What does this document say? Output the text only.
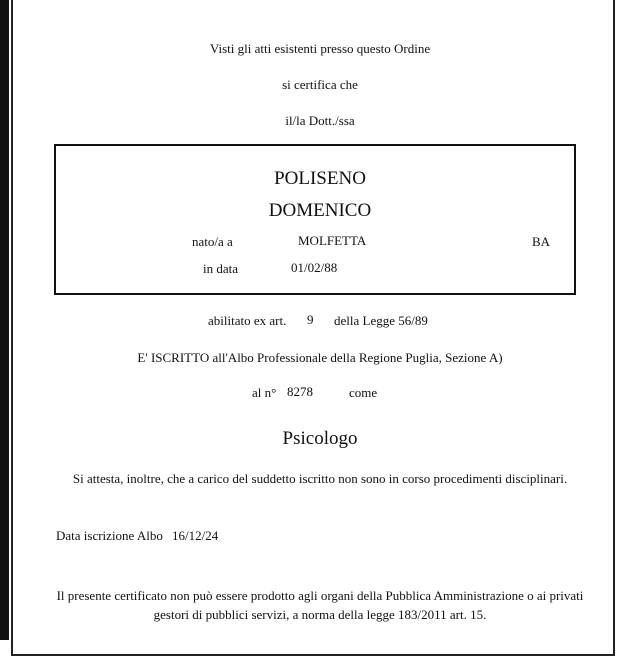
Visti gli atti esistenti presso questo Ordine
si certifica che
il/la Dott./ssa
POLISENO
DOMENICO
nato/a a	MOLFETTA	BA
in data	01/02/88
abilitato ex art. 9 della Legge 56/89
E' ISCRITTO all'Albo Professionale della Regione Puglia, Sezione A)
al n° 8278	come
Psicologo
Si attesta, inoltre, che a carico del suddetto iscritto non sono in corso procedimenti disciplinari.
Data iscrizione Albo 16/12/24
Il presente certificato non può essere prodotto agli organi della Pubblica Amministrazione o ai privati
gestori di pubblici servizi, a norma della legge 183/2011 art. 15.
